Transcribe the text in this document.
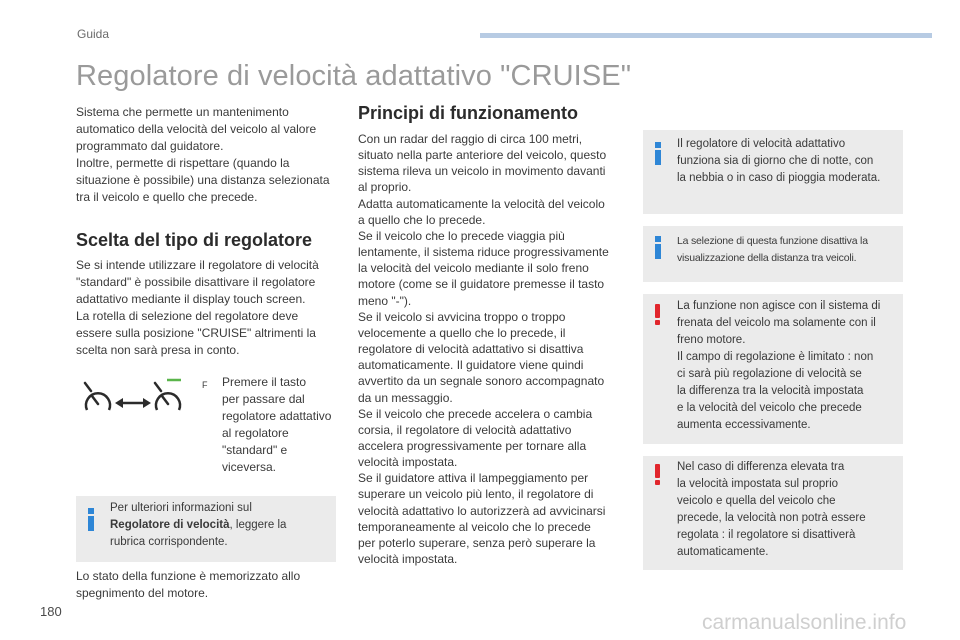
Guida
Regolatore di velocità adattativo "CRUISE"

Sistema che permette un mantenimento

automatico della velocità del veicolo al valore

programmato dal guidatore.

Inoltre, permette di rispettare (quando la

situazione è possibile) una distanza selezionata

tra il veicolo e quello che precede.

Scelta del tipo di regolatore

Se si intende utilizzare il regolatore di velocità

"standard" è possibile disattivare il regolatore

adattativo mediante il display touch screen.

La rotella di selezione del regolatore deve

essere sulla posizione "CRUISE" altrimenti la

scelta non sarà presa in conto.

F Premere il tasto
per passare dal
regolatore adattativo
al regolatore
"standard" e
viceversa.

Per ulteriori informazioni sul

Regolatore di velocità, leggere la

rubrica corrispondente.

Lo stato della funzione è memorizzato allo

spegnimento del motore.

Principi di funzionamento

Con un radar del raggio di circa 100 metri,

situato nella parte anteriore del veicolo, questo

sistema rileva un veicolo in movimento davanti

al proprio.

Adatta automaticamente la velocità del veicolo

a quello che lo precede.

Se il veicolo che lo precede viaggia più

lentamente, il sistema riduce progressivamente

la velocità del veicolo mediante il solo freno

motore (come se il guidatore premesse il tasto

meno "-").

Se il veicolo si avvicina troppo o troppo

velocemente a quello che lo precede, il

regolatore di velocità adattativo si disattiva

automaticamente. Il guidatore viene quindi

avvertito da un segnale sonoro accompagnato

da un messaggio.

Se il veicolo che precede accelera o cambia

corsia, il regolatore di velocità adattativo

accelera progressivamente per tornare alla

velocità impostata.

Se il guidatore attiva il lampeggiamento per

superare un veicolo più lento, il regolatore di

velocità adattativo lo autorizzerà ad avvicinarsi

temporaneamente al veicolo che lo precede

per poterlo superare, senza però superare la

velocità impostata.

Il regolatore di velocità adattativo

funziona sia di giorno che di notte, con

la nebbia o in caso di pioggia moderata.

La selezione di questa funzione disattiva la

visualizzazione della distanza tra veicoli.

La funzione non agisce con il sistema di

frenata del veicolo ma solamente con il

freno motore.

Il campo di regolazione è limitato : non

ci sarà più regolazione di velocità se

la differenza tra la velocità impostata

e la velocità del veicolo che precede

aumenta eccessivamente.

Nel caso di differenza elevata tra

la velocità impostata sul proprio

veicolo e quella del veicolo che

precede, la velocità non potrà essere

regolata : il regolatore si disattiverà

automaticamente.

180	carmanualsonline.info
